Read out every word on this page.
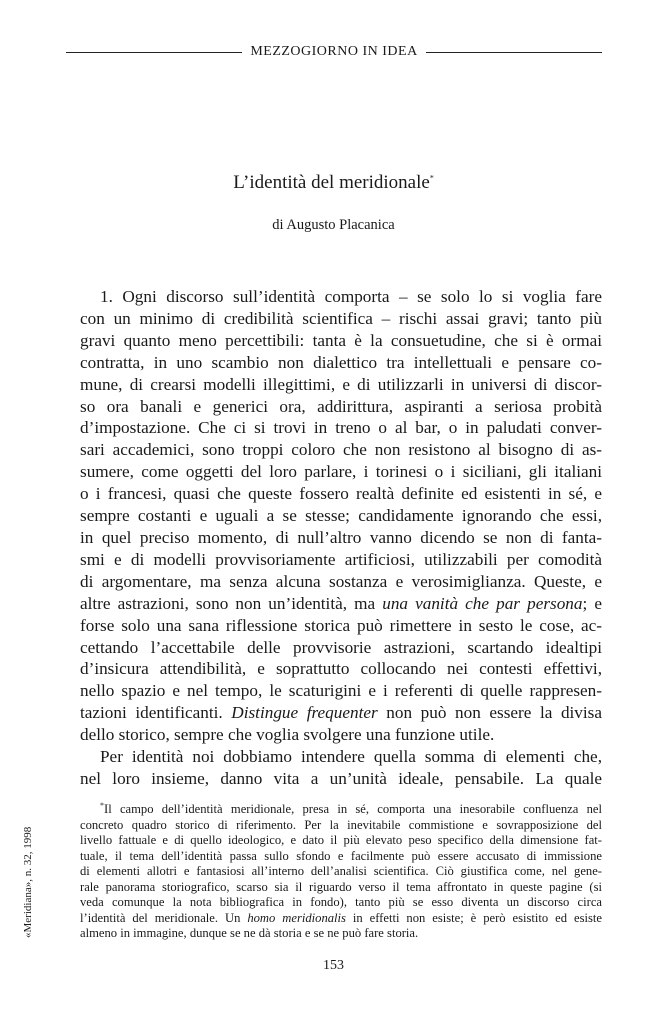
MEZZOGIORNO IN IDEA
L’identità del meridionale*
di Augusto Placanica
1. Ogni discorso sull’identità comporta – se solo lo si voglia fare
con un minimo di credibilità scientifica – rischi assai gravi; tanto più
gravi quanto meno percettibili: tanta è la consuetudine, che si è ormai
contratta, in uno scambio non dialettico tra intellettuali e pensare co-
mune, di crearsi modelli illegittimi, e di utilizzarli in universi di discor-
so ora banali e generici ora, addirittura, aspiranti a seriosa probità
d’impostazione. Che ci si trovi in treno o al bar, o in paludati conver-
sari accademici, sono troppi coloro che non resistono al bisogno di as-
sumere, come oggetti del loro parlare, i torinesi o i siciliani, gli italiani
o i francesi, quasi che queste fossero realtà definite ed esistenti in sé, e
sempre costanti e uguali a se stesse; candidamente ignorando che essi,
in quel preciso momento, di null’altro vanno dicendo se non di fanta-
smi e di modelli provvisoriamente artificiosi, utilizzabili per comodità
di argomentare, ma senza alcuna sostanza e verosimiglianza. Queste, e
altre astrazioni, sono non un’identità, ma una vanità che par persona; e
forse solo una sana riflessione storica può rimettere in sesto le cose, ac-
cettando l’accettabile delle provvisorie astrazioni, scartando idealtipi
d’insicura attendibilità, e soprattutto collocando nei contesti effettivi,
nello spazio e nel tempo, le scaturigini e i referenti di quelle rappresen-
tazioni identificanti. Distingue frequenter non può non essere la divisa
dello storico, sempre che voglia svolgere una funzione utile.
Per identità noi dobbiamo intendere quella somma di elementi che,
nel loro insieme, danno vita a un’unità ideale, pensabile. La quale
*Il campo dell’identità meridionale, presa in sé, comporta una inesorabile confluenza nel
concreto quadro storico di riferimento. Per la inevitabile commistione e sovrapposizione del
livello fattuale e di quello ideologico, e dato il più elevato peso specifico della dimensione fat-
tuale, il tema dell’identità passa sullo sfondo e facilmente può essere accusato di immissione
di elementi allotri e fantasiosi all’interno dell’analisi scientifica. Ciò giustifica come, nel gene-
rale panorama storiografico, scarso sia il riguardo verso il tema affrontato in queste pagine (si
veda comunque la nota bibliografica in fondo), tanto più se esso diventa un discorso circa
l’identità del meridionale. Un homo meridionalis in effetti non esiste; è però esistito ed esiste
almeno in immagine, dunque se ne dà storia e se ne può fare storia.
«Meridiana», n. 32, 1998
153
